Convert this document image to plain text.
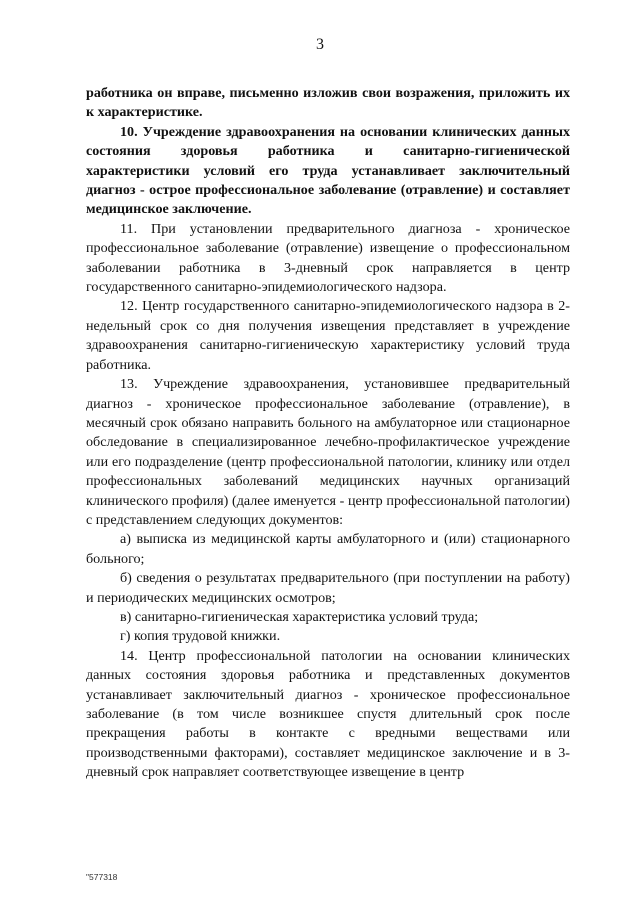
3

работника он вправе, письменно изложив свои возражения, приложить их к характеристике.

10. Учреждение здравоохранения на основании клинических данных состояния здоровья работника и санитарно-гигиенической характеристики условий его труда устанавливает заключительный диагноз - острое профессиональное заболевание (отравление) и составляет медицинское заключение.

11. При установлении предварительного диагноза - хроническое профессиональное заболевание (отравление) извещение о профессиональном заболевании работника в 3-дневный срок направляется в центр государственного санитарно-эпидемиологического надзора.

12. Центр государственного санитарно-эпидемиологического надзора в 2-недельный срок со дня получения извещения представляет в учреждение здравоохранения санитарно-гигиеническую характеристику условий труда работника.

13. Учреждение здравоохранения, установившее предварительный диагноз - хроническое профессиональное заболевание (отравление), в месячный срок обязано направить больного на амбулаторное или стационарное обследование в специализированное лечебно-профилактическое учреждение или его подразделение (центр профессиональной патологии, клинику или отдел профессиональных заболеваний медицинских научных организаций клинического профиля) (далее именуется - центр профессиональной патологии) с представлением следующих документов:

а) выписка из медицинской карты амбулаторного и (или) стационарного больного;

б) сведения о результатах предварительного (при поступлении на работу) и периодических медицинских осмотров;

в) санитарно-гигиеническая характеристика условий труда;

г) копия трудовой книжки.

14. Центр профессиональной патологии на основании клинических данных состояния здоровья работника и представленных документов устанавливает заключительный диагноз - хроническое профессиональное заболевание (в том числе возникшее спустя длительный срок после прекращения работы в контакте с вредными веществами или производственными факторами), составляет медицинское заключение и в 3-дневный срок направляет соответствующее извещение в центр

"577318
